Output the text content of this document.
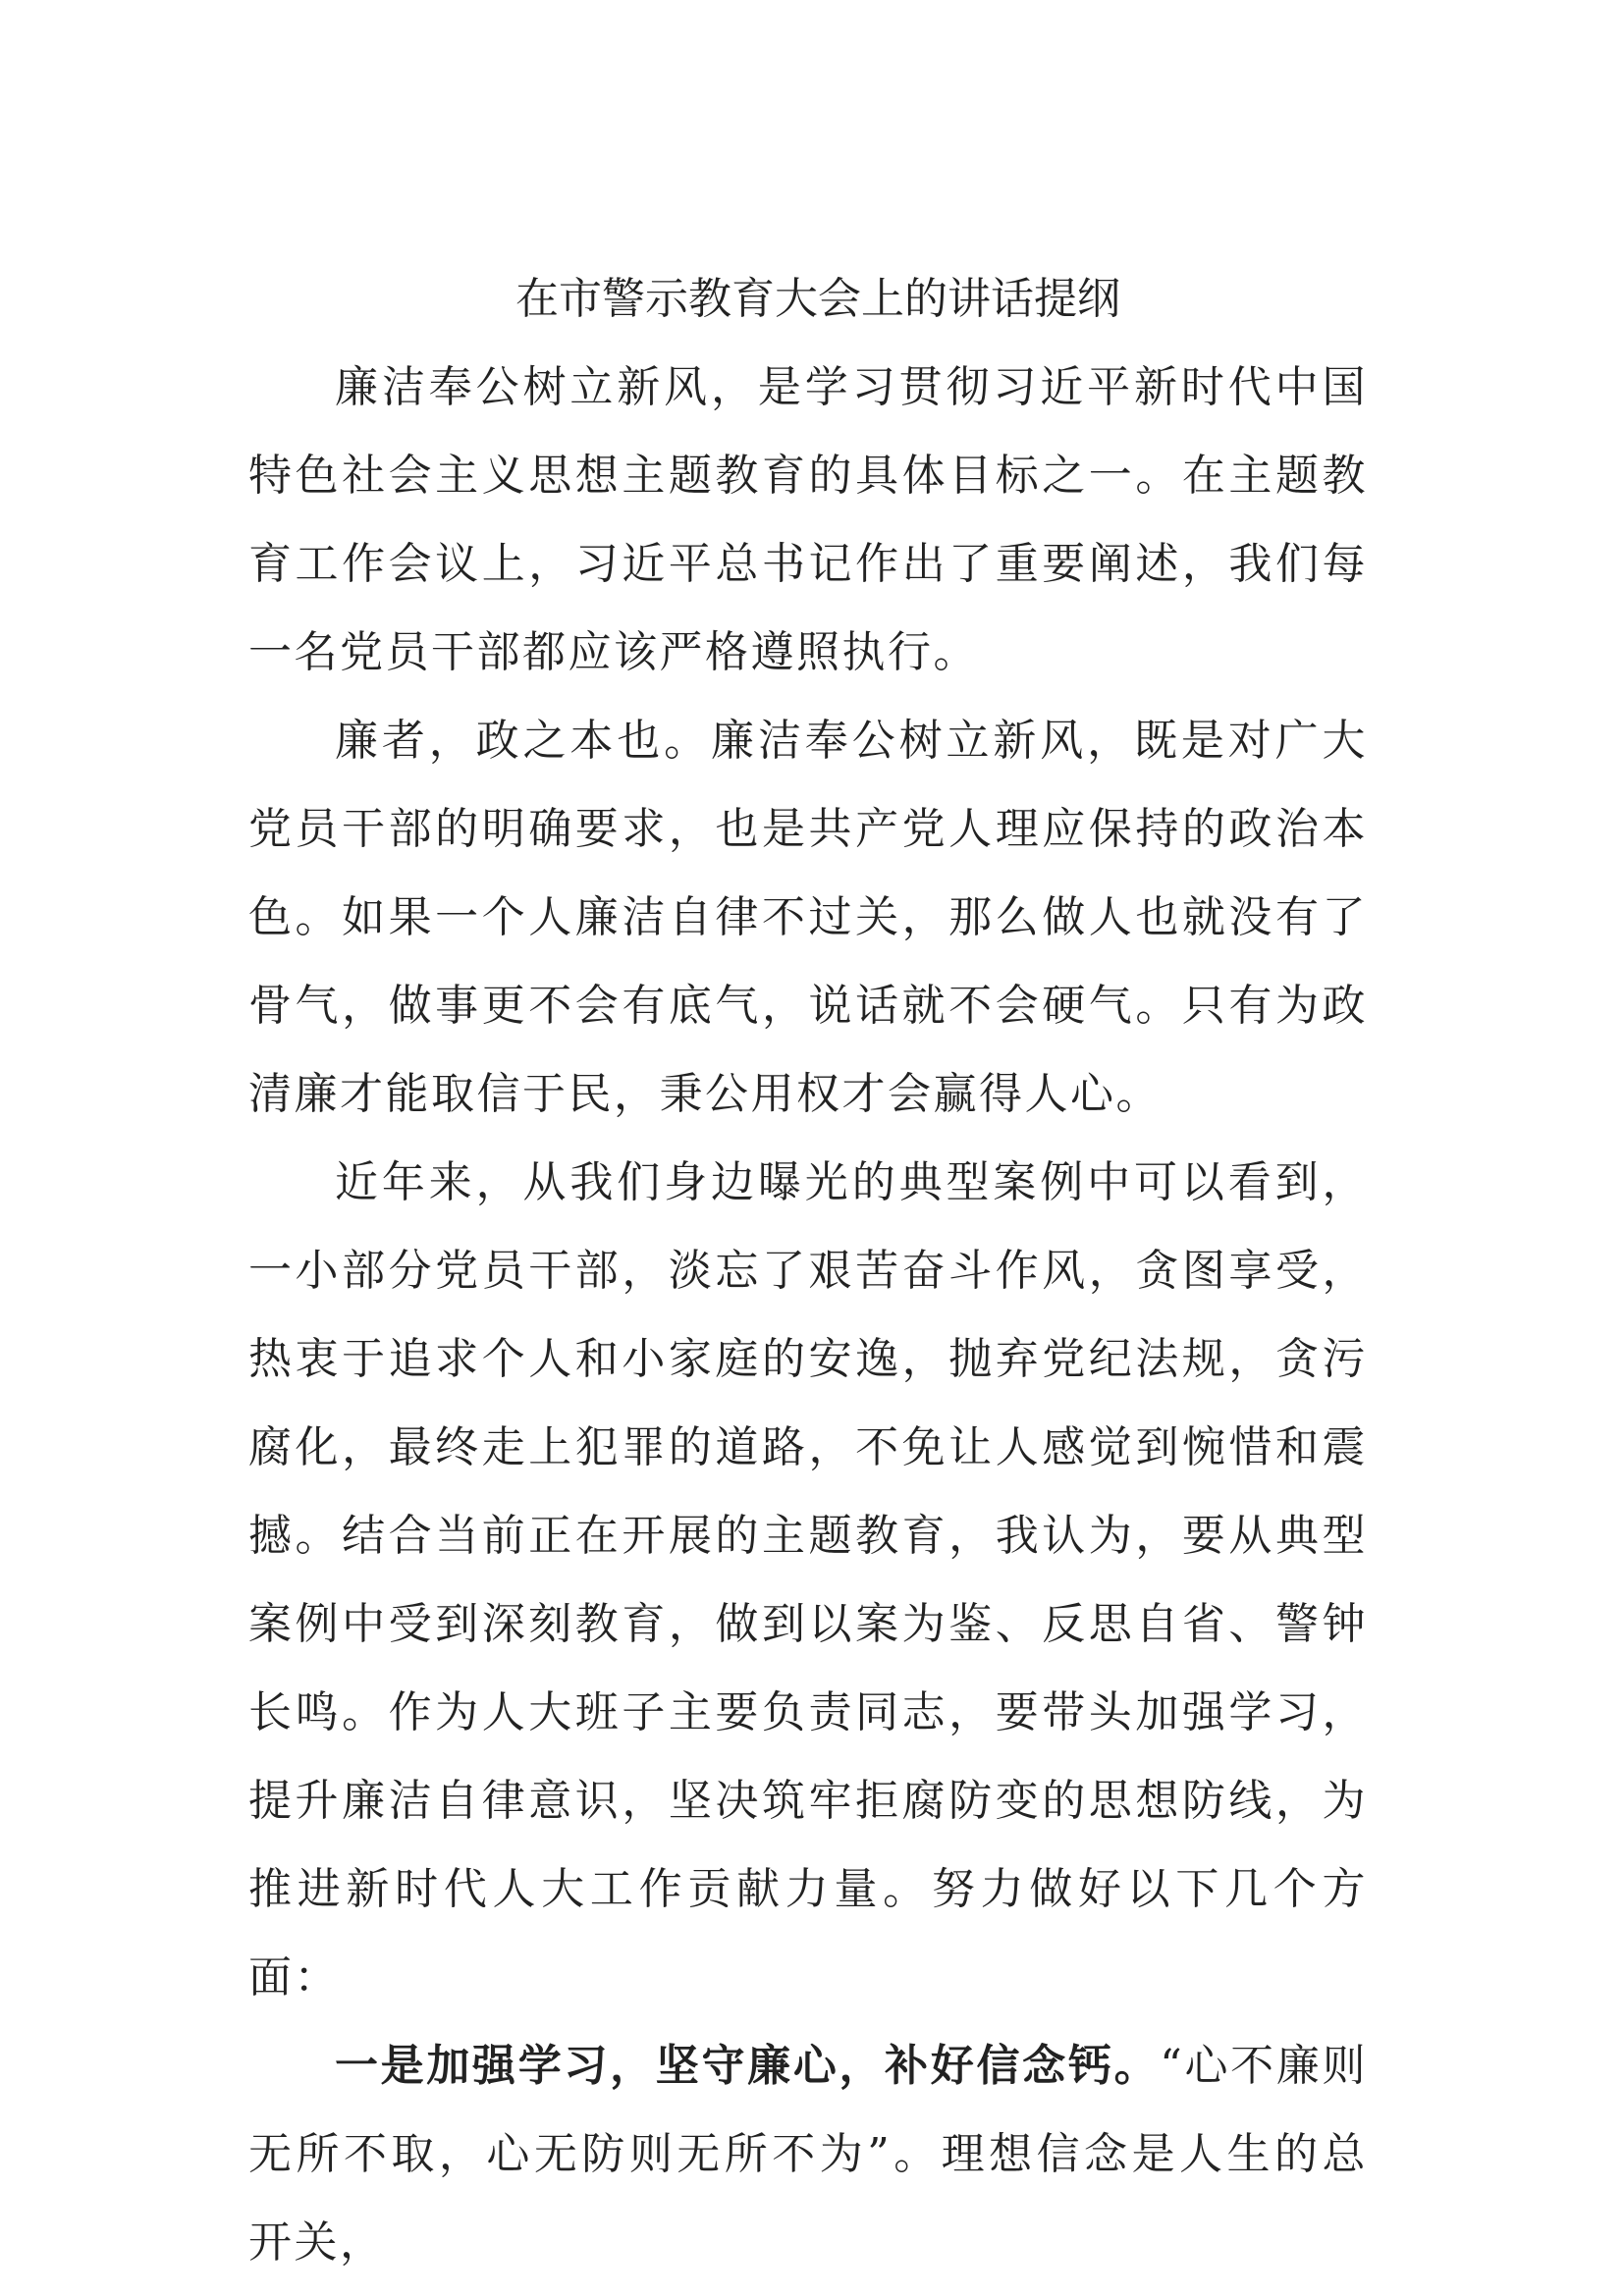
在市警示教育大会上的讲话提纲

廉洁奉公树立新风，是学习贯彻习近平新时代中国特色社会主义思想主题教育的具体目标之一。在主题教育工作会议上，习近平总书记作出了重要阐述，我们每一名党员干部都应该严格遵照执行。

廉者，政之本也。廉洁奉公树立新风，既是对广大党员干部的明确要求，也是共产党人理应保持的政治本色。如果一个人廉洁自律不过关，那么做人也就没有了骨气，做事更不会有底气，说话就不会硬气。只有为政清廉才能取信于民，秉公用权才会赢得人心。

近年来，从我们身边曝光的典型案例中可以看到，一小部分党员干部，淡忘了艰苦奋斗作风，贪图享受，热衷于追求个人和小家庭的安逸，抛弃党纪法规，贪污腐化，最终走上犯罪的道路，不免让人感觉到惋惜和震撼。结合当前正在开展的主题教育，我认为，要从典型案例中受到深刻教育，做到以案为鉴、反思自省、警钟长鸣。作为人大班子主要负责同志，要带头加强学习，提升廉洁自律意识，坚决筑牢拒腐防变的思想防线，为推进新时代人大工作贡献力量。努力做好以下几个方面：

一是加强学习，坚守廉心，补好信念钙。“心不廉则无所不取，心无防则无所不为”。理想信念是人生的总开关，
